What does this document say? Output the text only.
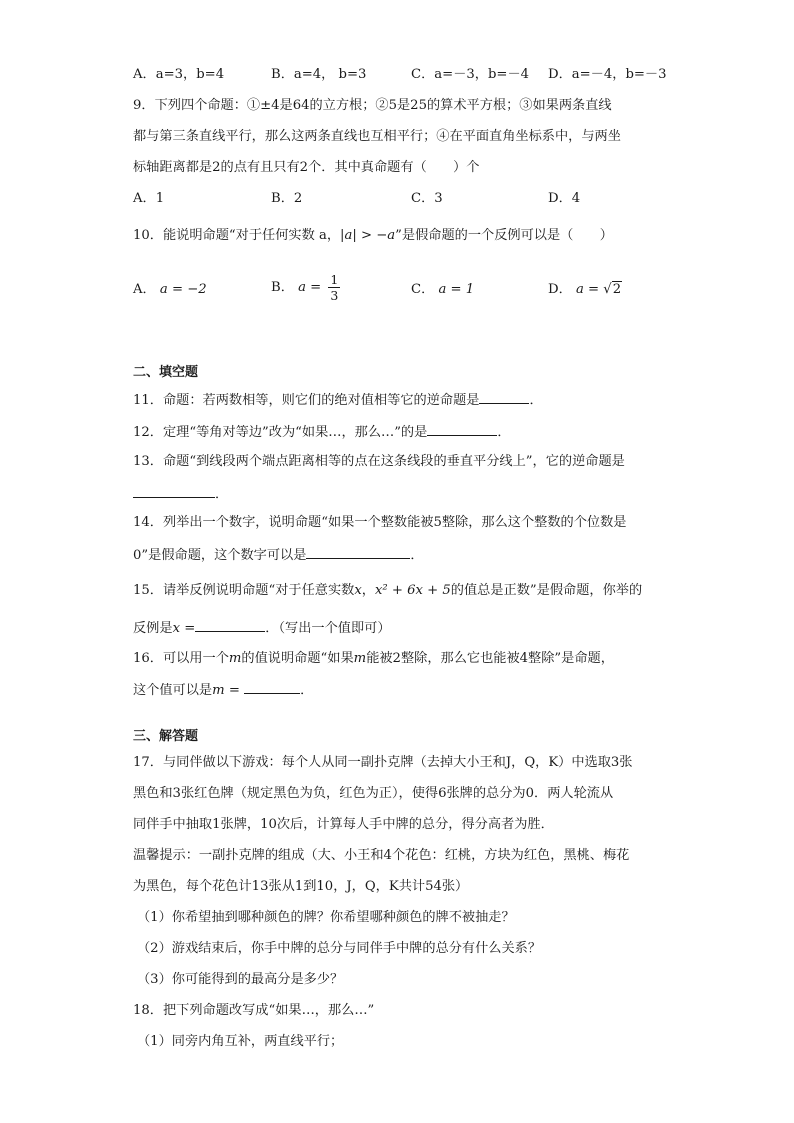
A．a=3，b=4	B．a=4， b=3	C．a=－3，b=－4 D．a=－4，b=－3
9．下列四个命题：①±4是64的立方根；②5是25的算术平方根；③如果两条直线
都与第三条直线平行，那么这两条直线也互相平行；④在平面直角坐标系中，与两坐
标轴距离都是2的点有且只有2个．其中真命题有（　　）个
A．1	B．2	C．3	D．4
10．能说明命题“对于任何实数 a，|a| > −a”是假命题的一个反例可以是（　　）
A． a = −2	B． $a = \frac{1}{3}$	C． a = 1	D． a = √2
二、填空题
11．命题：若两数相等，则它们的绝对值相等它的逆命题是	．
12．定理“等角对等边”改为“如果…，那么…”的是	．
13．命题“到线段两个端点距离相等的点在这条线段的垂直平分线上”，它的逆命题是
．
14．列举出一个数字，说明命题“如果一个整数能被5整除，那么这个整数的个位数是
0”是假命题，这个数字可以是	．
15．请举反例说明命题“对于任意实数x，x² + 6x + 5的值总是正数”是假命题，你举的
反例是x =	．（写出一个值即可）
16．可以用一个m的值说明命题“如果m能被2整除，那么它也能被4整除”是命题，
这个值可以是m =	．
三、解答题
17．与同伴做以下游戏：每个人从同一副扑克牌（去掉大小王和J，Q，K）中选取3张
黑色和3张红色牌（规定黑色为负，红色为正），使得6张牌的总分为0．两人轮流从
同伴手中抽取1张牌，10次后，计算每人手中牌的总分，得分高者为胜．
温馨提示：一副扑克牌的组成（大、小王和4个花色：红桃，方块为红色，黑桃、梅花
为黑色，每个花色计13张从1到10，J，Q，K共计54张）
（1）你希望抽到哪种颜色的牌？你希望哪种颜色的牌不被抽走？
（2）游戏结束后，你手中牌的总分与同伴手中牌的总分有什么关系？
（3）你可能得到的最高分是多少？
18．把下列命题改写成“如果…，那么…”
（1）同旁内角互补，两直线平行；
